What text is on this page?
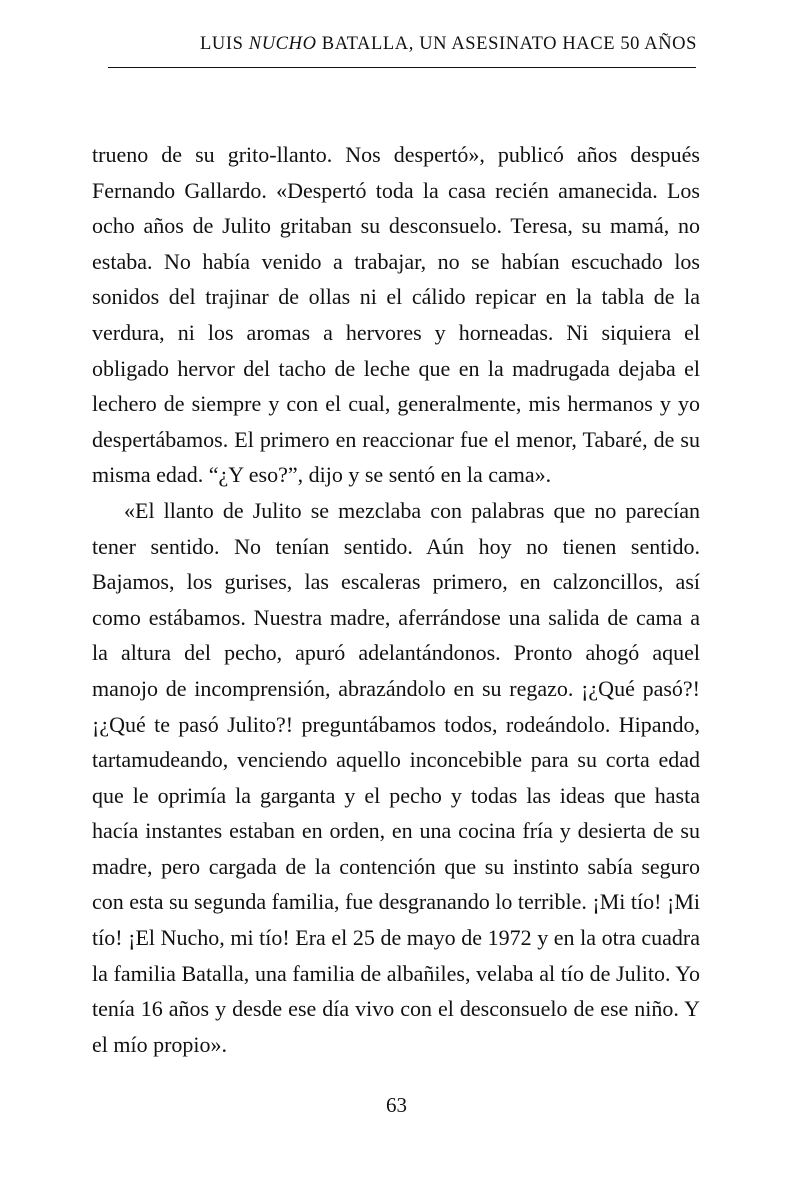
LUIS NUCHO BATALLA, UN ASESINATO HACE 50 AÑOS

trueno de su grito-llanto. Nos despertó», publicó años después Fernando Gallardo. «Despertó toda la casa recién amanecida. Los ocho años de Julito gritaban su desconsuelo. Teresa, su mamá, no estaba. No había venido a trabajar, no se habían escuchado los sonidos del trajinar de ollas ni el cálido repicar en la tabla de la verdura, ni los aromas a hervores y horneadas. Ni siquiera el obligado hervor del tacho de leche que en la madrugada dejaba el lechero de siempre y con el cual, generalmente, mis hermanos y yo despertábamos. El primero en reaccionar fue el menor, Tabaré, de su misma edad. “¿Y eso?”, dijo y se sentó en la cama».

«El llanto de Julito se mezclaba con palabras que no parecían tener sentido. No tenían sentido. Aún hoy no tienen sentido. Bajamos, los gurises, las escaleras primero, en calzoncillos, así como estábamos. Nuestra madre, aferrándose una salida de cama a la altura del pecho, apuró adelantándonos. Pronto ahogó aquel manojo de incomprensión, abrazándolo en su regazo. ¡¿Qué pasó?! ¡¿Qué te pasó Julito?! preguntábamos todos, rodeándolo. Hipando, tartamudeando, venciendo aquello inconcebible para su corta edad que le oprimía la garganta y el pecho y todas las ideas que hasta hacía instantes estaban en orden, en una cocina fría y desierta de su madre, pero cargada de la contención que su instinto sabía seguro con esta su segunda familia, fue desgranando lo terrible. ¡Mi tío! ¡Mi tío! ¡El Nucho, mi tío! Era el 25 de mayo de 1972 y en la otra cuadra la familia Batalla, una familia de albañiles, velaba al tío de Julito. Yo tenía 16 años y desde ese día vivo con el desconsuelo de ese niño. Y el mío propio».

63
